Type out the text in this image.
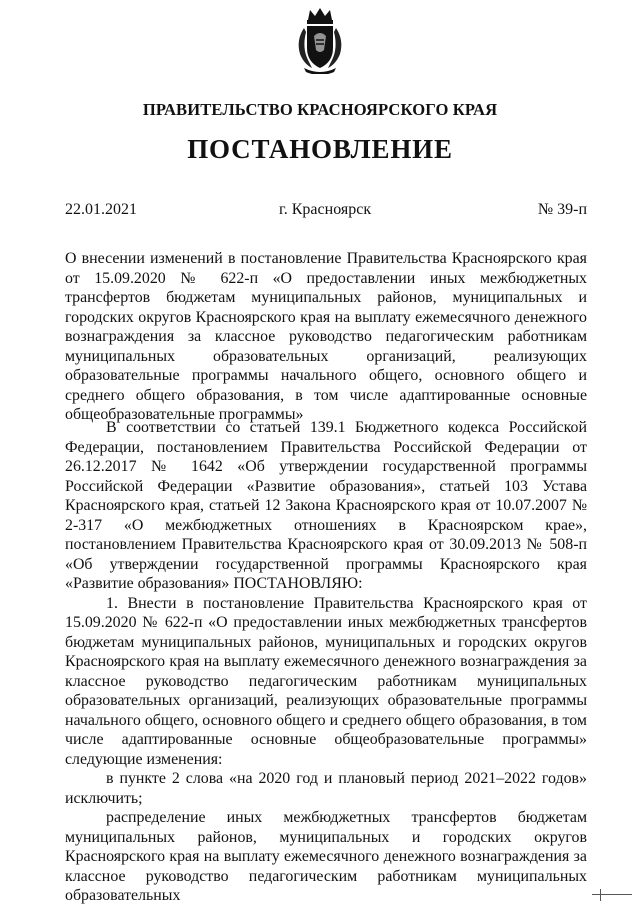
ПРАВИТЕЛЬСТВО КРАСНОЯРСКОГО КРАЯ
ПОСТАНОВЛЕНИЕ
22.01.2021	г. Красноярск	№ 39-п

О внесении изменений в постановление Правительства Красноярского края от 15.09.2020 № 622-п «О предоставлении иных межбюджетных трансфертов бюджетам муниципальных районов, муниципальных и городских округов Красноярского края на выплату ежемесячного денежного вознаграждения за классное руководство педагогическим работникам муниципальных образовательных организаций, реализующих образовательные программы начального общего, основного общего и среднего общего образования, в том числе адаптированные основные общеобразовательные программы»

В соответствии со статьей 139.1 Бюджетного кодекса Российской Федерации, постановлением Правительства Российской Федерации от 26.12.2017 № 1642 «Об утверждении государственной программы Российской Федерации «Развитие образования», статьей 103 Устава Красноярского края, статьей 12 Закона Красноярского края от 10.07.2007 № 2-317 «О межбюджетных отношениях в Красноярском крае», постановлением Правительства Красноярского края от 30.09.2013 № 508-п «Об утверждении государственной программы Красноярского края «Развитие образования» ПОСТАНОВЛЯЮ:

1. Внести в постановление Правительства Красноярского края от 15.09.2020 № 622-п «О предоставлении иных межбюджетных трансфертов бюджетам муниципальных районов, муниципальных и городских округов Красноярского края на выплату ежемесячного денежного вознаграждения за классное руководство педагогическим работникам муниципальных образовательных организаций, реализующих образовательные программы начального общего, основного общего и среднего общего образования, в том числе адаптированные основные общеобразовательные программы» следующие изменения:

в пункте 2 слова «на 2020 год и плановый период 2021–2022 годов» исключить;

распределение иных межбюджетных трансфертов бюджетам муниципальных районов, муниципальных и городских округов Красноярского края на выплату ежемесячного денежного вознаграждения за классное руководство педагогическим работникам муниципальных образовательных
